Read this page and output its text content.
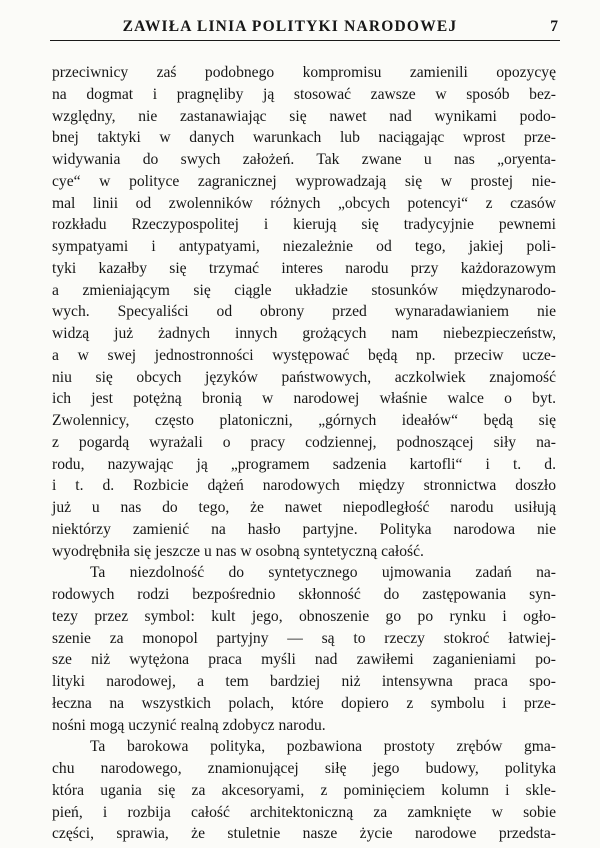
ZAWIŁA LINIA POLITYKI NARODOWEJ	7
przeciwnicy zaś podobnego kompromisu zamienili opozycyę
na dogmat i pragnęliby ją stosować zawsze w sposób bez-
względny, nie zastanawiając się nawet nad wynikami podo-
bnej taktyki w danych warunkach lub naciągając wprost prze-
widywania do swych założeń. Tak zwane u nas „oryenta-
cye“ w polityce zagranicznej wyprowadzają się w prostej nie-
mal linii od zwolenników różnych „obcych potencyi“ z czasów
rozkładu Rzeczypospolitej i kierują się tradycyjnie pewnemi
sympatyami i antypatyami, niezależnie od tego, jakiej poli-
tyki kazałby się trzymać interes narodu przy każdorazowym
a zmieniającym się ciągle układzie stosunków międzynarodo-
wych. Specyaliści od obrony przed wynaradawianiem nie
widzą już żadnych innych grożących nam niebezpieczeństw,
a w swej jednostronności występować będą np. przeciw ucze-
niu się obcych języków państwowych, aczkolwiek znajomość
ich jest potężną bronią w narodowej właśnie walce o byt.
Zwolennicy, często platoniczni, „górnych ideałów“ będą się
z pogardą wyrażali o pracy codziennej, podnoszącej siły na-
rodu, nazywając ją „programem sadzenia kartofli“ i t. d.
i t. d. Rozbicie dążeń narodowych między stronnictwa doszło
już u nas do tego, że nawet niepodległość narodu usiłują
niektórzy zamienić na hasło partyjne. Polityka narodowa nie
wyodrębniła się jeszcze u nas w osobną syntetyczną całość.
Ta niezdolność do syntetycznego ujmowania zadań na-
rodowych rodzi bezpośrednio skłonność do zastępowania syn-
tezy przez symbol: kult jego, obnoszenie go po rynku i ogło-
szenie za monopol partyjny — są to rzeczy stokroć łatwiej-
sze niż wytężona praca myśli nad zawiłemi zaganieniami po-
lityki narodowej, a tem bardziej niż intensywna praca spo-
łeczna na wszystkich polach, które dopiero z symbolu i prze-
nośni mogą uczynić realną zdobycz narodu.
Ta barokowa polityka, pozbawiona prostoty zrębów gmа-
chu narodowego, znamionującej siłę jego budowy, polityka
która ugania się za akcesoryami, z pominięciem kolumn i sklе-
pień, i rozbija całość architektoniczną za zamknięte w sobie
części, sprawia, że stuletnie nasze życie narodowe przedsta-
